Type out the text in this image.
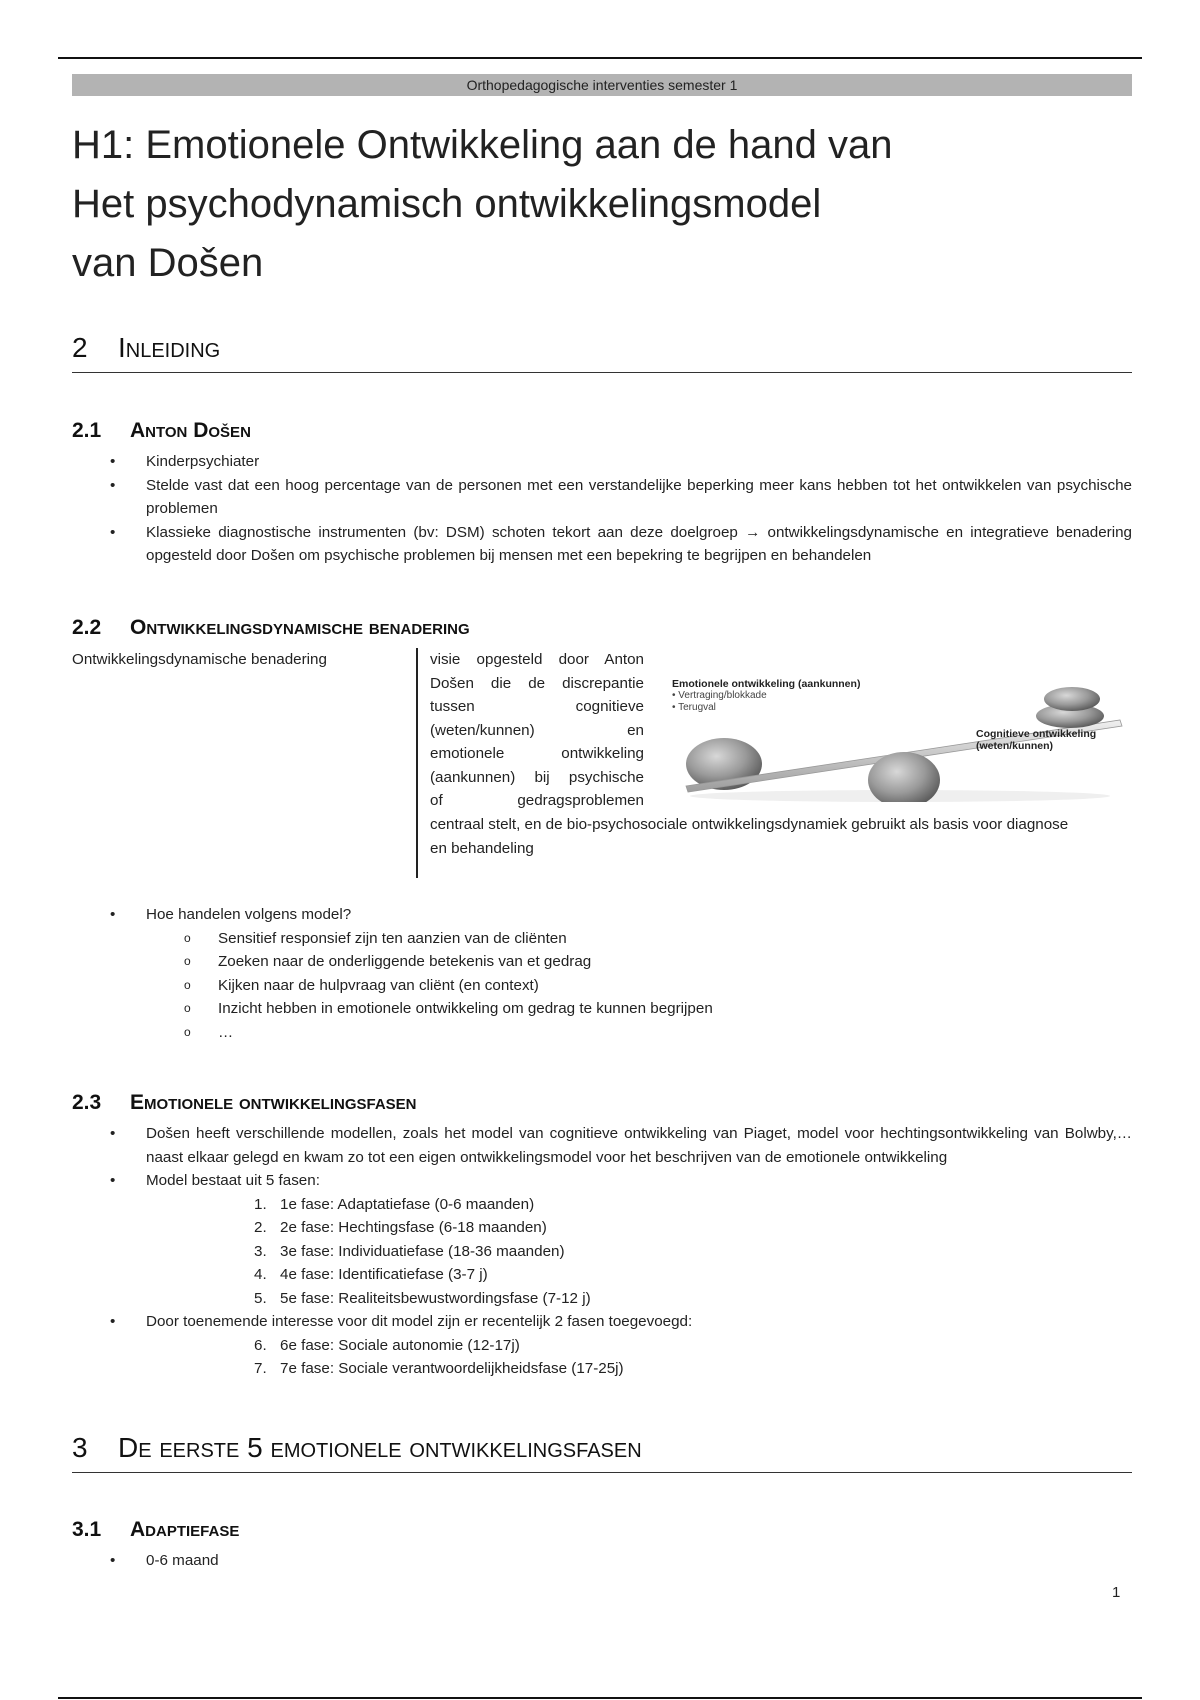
Orthopedagogische interventies semester 1
H1: Emotionele Ontwikkeling aan de hand van
Het psychodynamisch ontwikkelingsmodel
van Došen
2 Inleiding
2.1 Anton Došen
• Kinderpsychiater
• Stelde vast dat een hoog percentage van de personen met een verstandelijke beperking meer kans hebben tot het ontwikkelen van psychische problemen
• Klassieke diagnostische instrumenten (bv: DSM) schoten tekort aan deze doelgroep → ontwikkelingsdynamische en integratieve benadering opgesteld door Došen om psychische problemen bij mensen met een bepekring te begrijpen en behandelen
2.2 Ontwikkelingsdynamische benadering
Ontwikkelingsdynamische benadering	visie opgesteld door Anton
Došen die de discrepantie
tussen cognitieve
(weten/kunnen) en
emotionele ontwikkeling
(aankunnen) bij psychische
of gedragsproblemen
centraal stelt, en de bio-psychosociale ontwikkelingsdynamiek gebruikt als basis voor diagnose
en behandeling
Emotionele ontwikkeling (aankunnen)
• Vertraging/blokkade
• Terugval
Cognitieve ontwikkeling
(weten/kunnen)
• Hoe handelen volgens model?
o Sensitief responsief zijn ten aanzien van de cliënten
o Zoeken naar de onderliggende betekenis van et gedrag
o Kijken naar de hulpvraag van cliënt (en context)
o Inzicht hebben in emotionele ontwikkeling om gedrag te kunnen begrijpen
o …
2.3 Emotionele ontwikkelingsfasen
• Došen heeft verschillende modellen, zoals het model van cognitieve ontwikkeling van Piaget, model voor hechtingsontwikkeling van Bolwby,… naast elkaar gelegd en kwam zo tot een eigen ontwikkelingsmodel voor het beschrijven van de emotionele ontwikkeling
• Model bestaat uit 5 fasen:
1. 1e fase: Adaptatiefase (0-6 maanden)
2. 2e fase: Hechtingsfase (6-18 maanden)
3. 3e fase: Individuatiefase (18-36 maanden)
4. 4e fase: Identificatiefase (3-7 j)
5. 5e fase: Realiteitsbewustwordingsfase (7-12 j)
• Door toenemende interesse voor dit model zijn er recentelijk 2 fasen toegevoegd:
6. 6e fase: Sociale autonomie (12-17j)
7. 7e fase: Sociale verantwoordelijkheidsfase (17-25j)
3 De eerste 5 emotionele ontwikkelingsfasen
3.1 Adaptiefase
• 0-6 maand
1
